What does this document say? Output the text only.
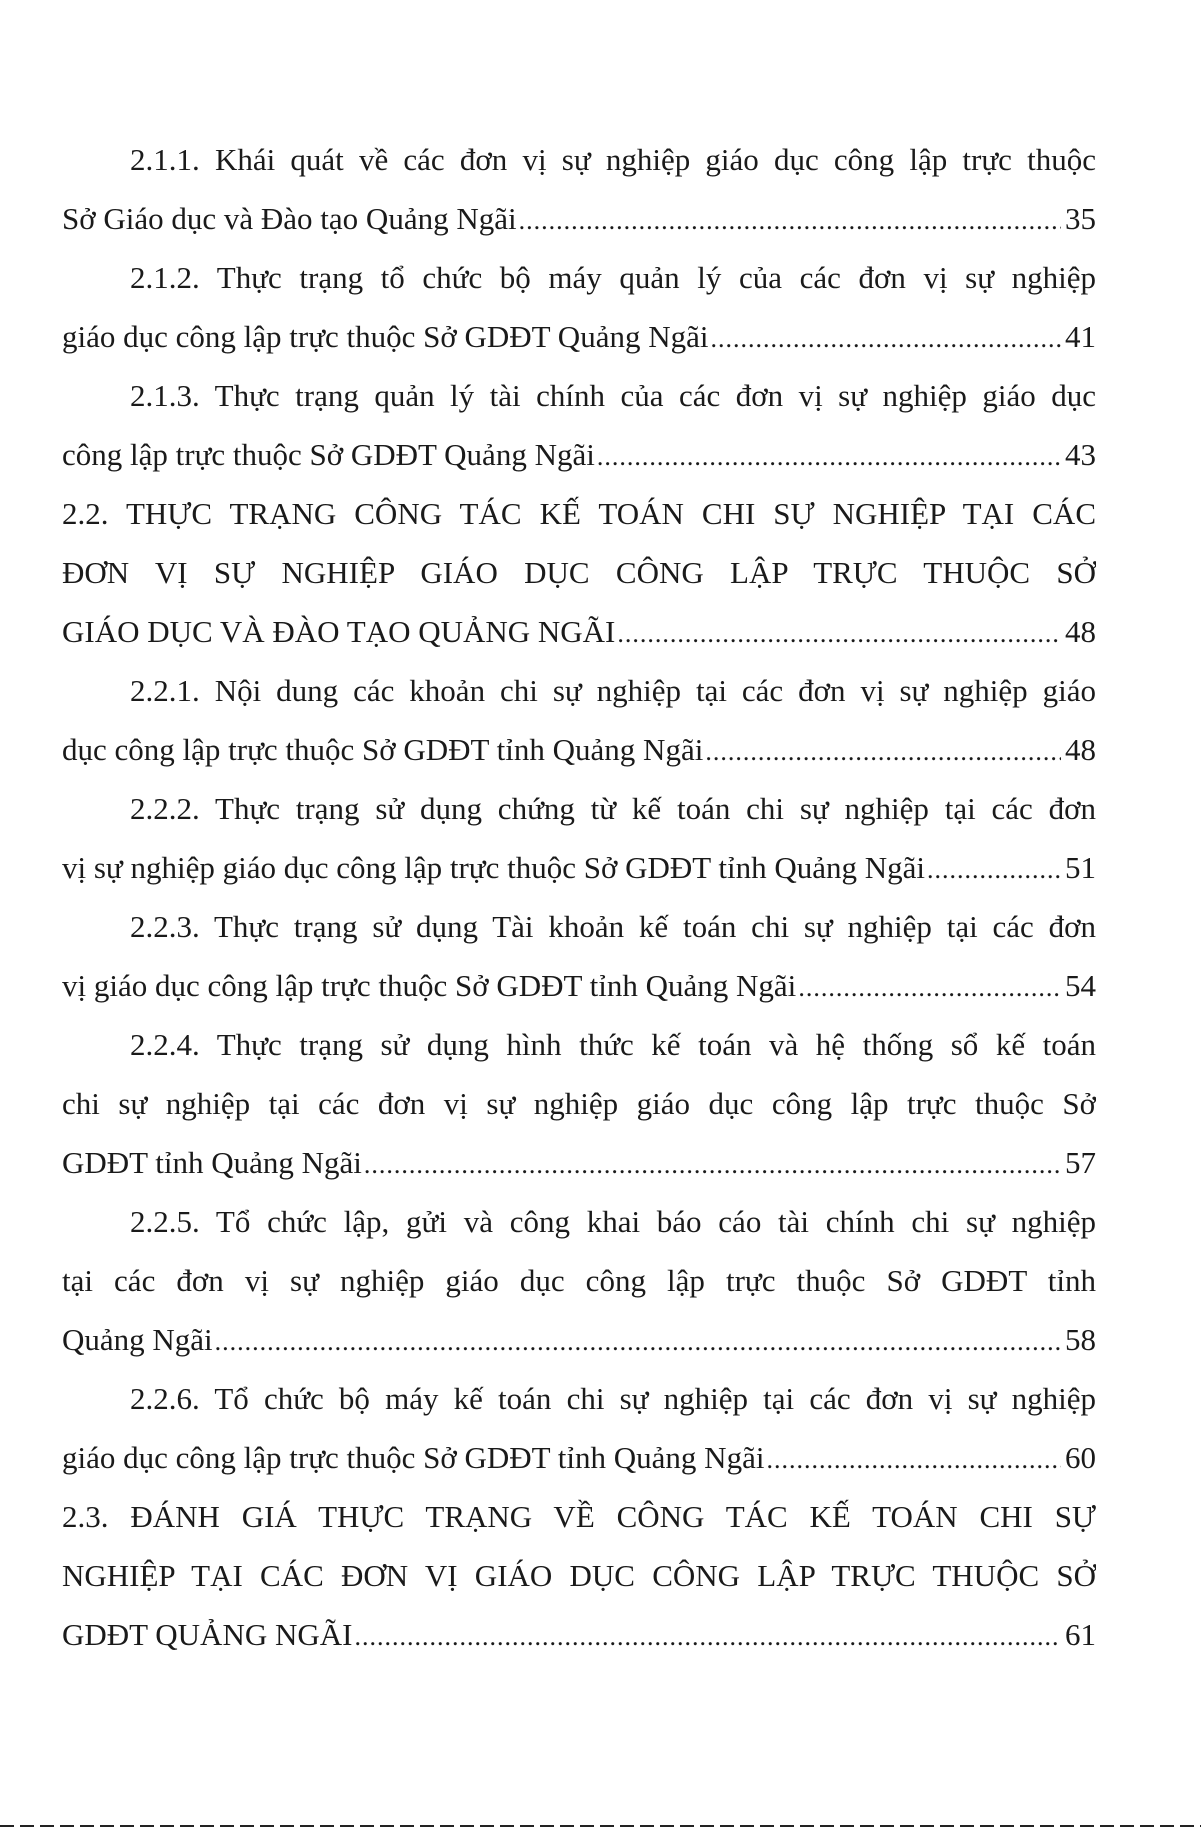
2.1.1. Khái quát về các đơn vị sự nghiệp giáo dục công lập trực thuộc
Sở Giáo dục và Đào tạo Quảng Ngãi .....	35
2.1.2. Thực trạng tổ chức bộ máy quản lý của các đơn vị sự nghiệp
giáo dục công lập trực thuộc Sở GDĐT Quảng Ngãi .....	41
2.1.3. Thực trạng quản lý tài chính của các đơn vị sự nghiệp giáo dục
công lập trực thuộc Sở GDĐT Quảng Ngãi .....	43
2.2. THỰC TRẠNG CÔNG TÁC KẾ TOÁN CHI SỰ NGHIỆP TẠI CÁC
ĐƠN VỊ SỰ NGHIỆP GIÁO DỤC CÔNG LẬP TRỰC THUỘC SỞ
GIÁO DỤC VÀ ĐÀO TẠO QUẢNG NGÃI .....	48
2.2.1. Nội dung các khoản chi sự nghiệp tại các đơn vị sự nghiệp giáo
dục công lập trực thuộc Sở GDĐT tỉnh Quảng Ngãi .....	48
2.2.2. Thực trạng sử dụng chứng từ kế toán chi sự nghiệp tại các đơn
vị sự nghiệp giáo dục công lập trực thuộc Sở GDĐT tỉnh Quảng Ngãi .....	51
2.2.3. Thực trạng sử dụng Tài khoản kế toán chi sự nghiệp tại các đơn
vị giáo dục công lập trực thuộc Sở GDĐT tỉnh Quảng Ngãi .....	54
2.2.4. Thực trạng sử dụng hình thức kế toán và hệ thống sổ kế toán
chi sự nghiệp tại các đơn vị sự nghiệp giáo dục công lập trực thuộc Sở
GDĐT tỉnh Quảng Ngãi .....	57
2.2.5. Tổ chức lập, gửi và công khai báo cáo tài chính chi sự nghiệp
tại các đơn vị sự nghiệp giáo dục công lập trực thuộc Sở GDĐT tỉnh
Quảng Ngãi .....	58
2.2.6. Tổ chức bộ máy kế toán chi sự nghiệp tại các đơn vị sự nghiệp
giáo dục công lập trực thuộc Sở GDĐT tỉnh Quảng Ngãi .....	60
2.3. ĐÁNH GIÁ THỰC TRẠNG VỀ CÔNG TÁC KẾ TOÁN CHI SỰ
NGHIỆP TẠI CÁC ĐƠN VỊ GIÁO DỤC CÔNG LẬP TRỰC THUỘC SỞ
GDĐT QUẢNG NGÃI .....	61
